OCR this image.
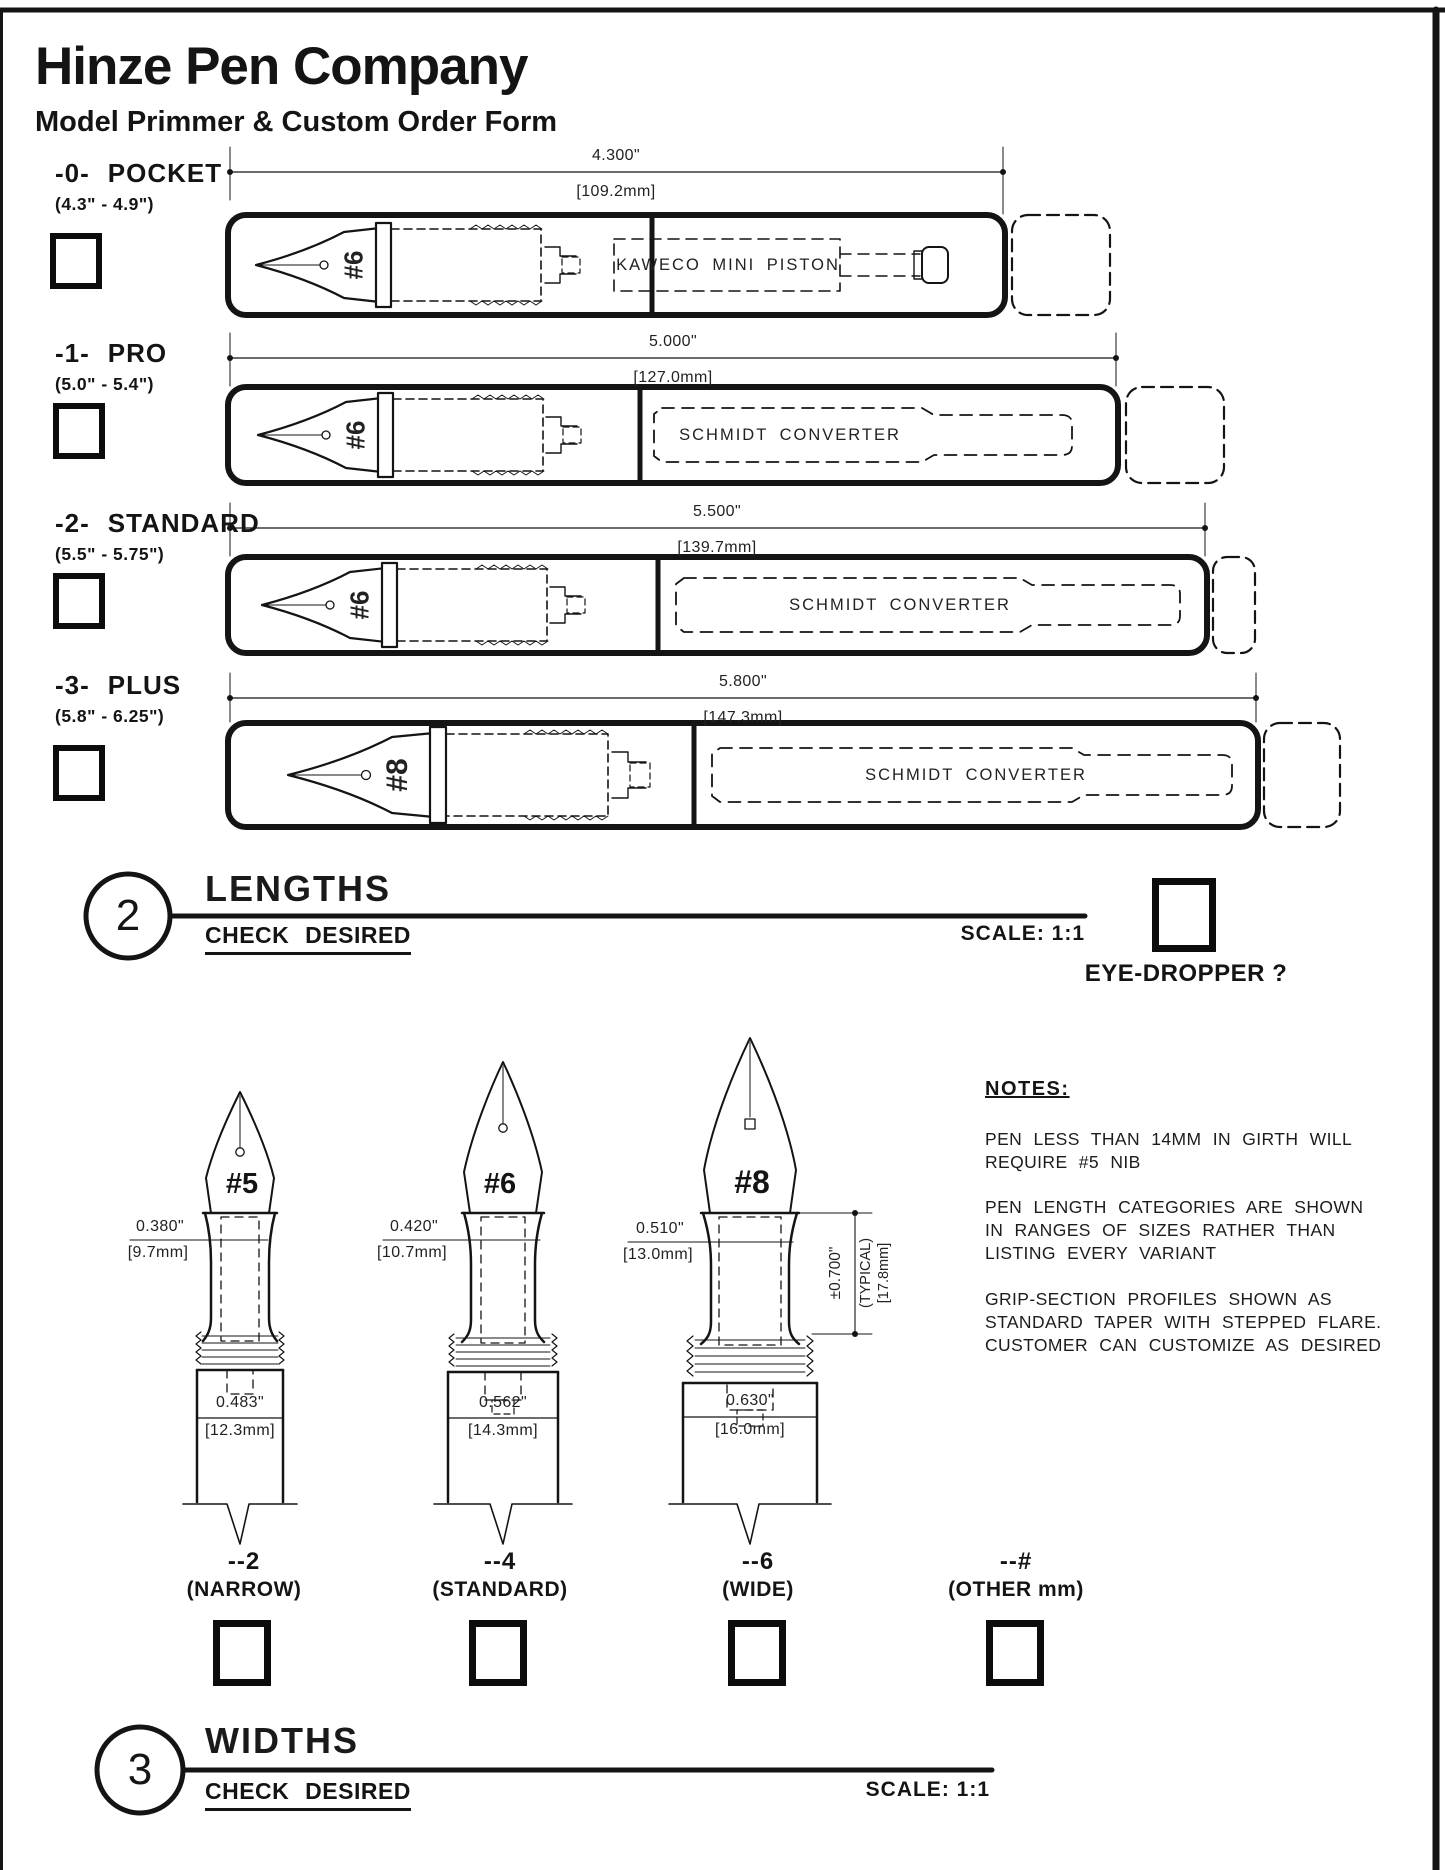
Hinze Pen Company
Model Primmer & Custom Order Form
-0- POCKET
(4.3" - 4.9")
4.300"
[109.2mm]
#6	KAWECO MINI PISTON
-1- PRO
(5.0" - 5.4")
5.000"
[127.0mm]
#6	SCHMIDT CONVERTER
-2- STANDARD
(5.5" - 5.75")
5.500"
[139.7mm]
#6	SCHMIDT CONVERTER
-3- PLUS
(5.8" - 6.25")
5.800"
[147.3mm]
#8	SCHMIDT CONVERTER
2
LENGTHS
CHECK DESIRED	SCALE: 1:1
EYE-DROPPER ?
#5	#6	#8
0.380"
[9.7mm]
0.420"
[10.7mm]
0.510"
[13.0mm]
0.483"
[12.3mm]
0.562"
[14.3mm]
0.630"
[16.0mm]
±0.700" (TYPICAL) [17.8mm]
NOTES:
PEN LESS THAN 14MM IN GIRTH WILL REQUIRE #5 NIB
PEN LENGTH CATEGORIES ARE SHOWN IN RANGES OF SIZES RATHER THAN LISTING EVERY VARIANT
GRIP-SECTION PROFILES SHOWN AS STANDARD TAPER WITH STEPPED FLARE. CUSTOMER CAN CUSTOMIZE AS DESIRED
--2
(NARROW)
--4
(STANDARD)
--6
(WIDE)
--#
(OTHER mm)
3
WIDTHS
CHECK DESIRED	SCALE: 1:1
